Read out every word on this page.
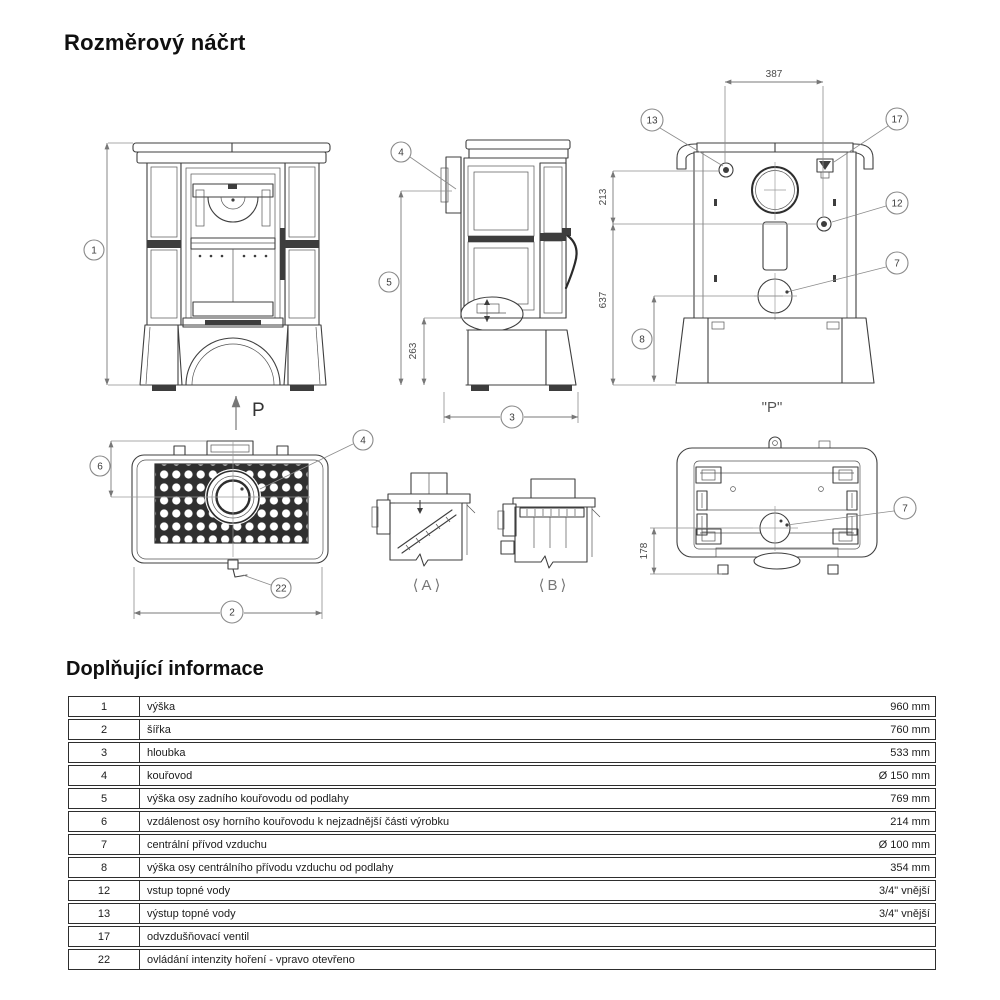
Rozměrový náčrt
1
P
4
5
263
3
387
213
637
8
13	17
12
7
"P"
6
4
22
2
⟨A⟩	⟨B⟩
178
7
Doplňující informace
1	výška	960 mm
2	šířka	760 mm
3	hloubka	533 mm
4	kouřovod	Ø 150 mm
5	výška osy zadního kouřovodu od podlahy	769 mm
6	vzdálenost osy horního kouřovodu k nejzadnější části výrobku	214 mm
7	centrální přívod vzduchu	Ø 100 mm
8	výška osy centrálního přívodu vzduchu od podlahy	354 mm
12	vstup topné vody	3/4" vnější
13	výstup topné vody	3/4" vnější
17	odvzdušňovací ventil
22	ovládání intenzity hoření - vpravo otevřeno
